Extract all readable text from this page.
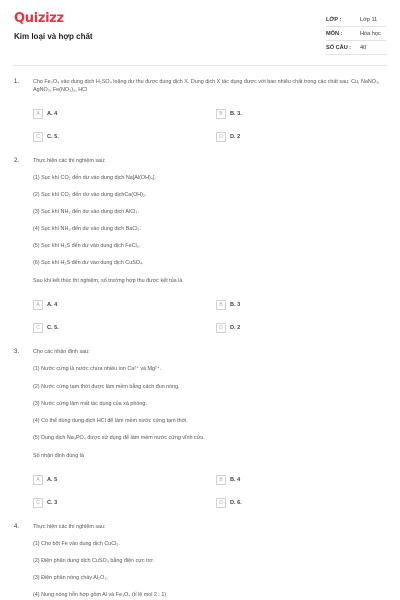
Quizizz
Kim loại và hợp chất
LỚP :	Lớp 11
MÔN :	Hóa học
SỐ CÂU : 40
1.	Cho Fe₃O₄ vào dung dịch H₂SO₄ loãng dư thu được dung dịch X. Dung dịch X tác dụng được với bao nhiêu chất trong các chất sau: Cu, NaNO₃, AgNO₃, Fe(NO₃)₃, HCl
A A. 4	B B. 3.
C C. 5.	D D. 2
2.	Thực hiện các thí nghiệm sau:
(1) Sục khí CO₂ đến dư vào dung dịch Na[Al(OH)₄].
(2) Sục khí CO₂ đến dư vào dung dịchCa(OH)₂.
(3) Sục khí NH₃ đến dư vào dung dịch AlCl₃.
(4) Sục khí NH₃ đến dư vào dung dịch BaCl₂.
(5) Sục khí H₂S đến dư vào dung dịch FeCl₂.
(6) Sục khí H₂S đến dư vào dung dịch CuSO₄.
Sau khi kết thúc thí nghiệm, số trường hợp thu được kết tủa là
A A. 4	B B. 3
C C. 5.	D D. 2
3.	Cho các nhận định sau:
(1) Nước cứng là nước chứa nhiều ion Ca²⁺ và Mg²⁺.
(2) Nước cứng tạm thời được làm mềm bằng cách đun nóng.
(3) Nước cứng làm mất tác dụng của xà phòng.
(4) Có thể dùng dung dịch HCl để làm mềm nước cứng tạm thời.
(5) Dung dịch Na₃PO₄ được sử dụng để làm mềm nước cứng vĩnh cửu.
Số nhận định đúng là
A A. 5	B B. 4
C C. 3	D D. 6.
4.	Thực hiện các thí nghiệm sau:
(1) Cho bột Fe vào dung dịch CuCl₂.
(2) Điện phân dung dịch CuSO₄ bằng điện cực trơ.
(3) Điện phân nóng chảy Al₂O₃.
(4) Nung nóng hỗn hợp gồm Al và Fe₃O₄ (tỉ lệ mol 2 : 1)
